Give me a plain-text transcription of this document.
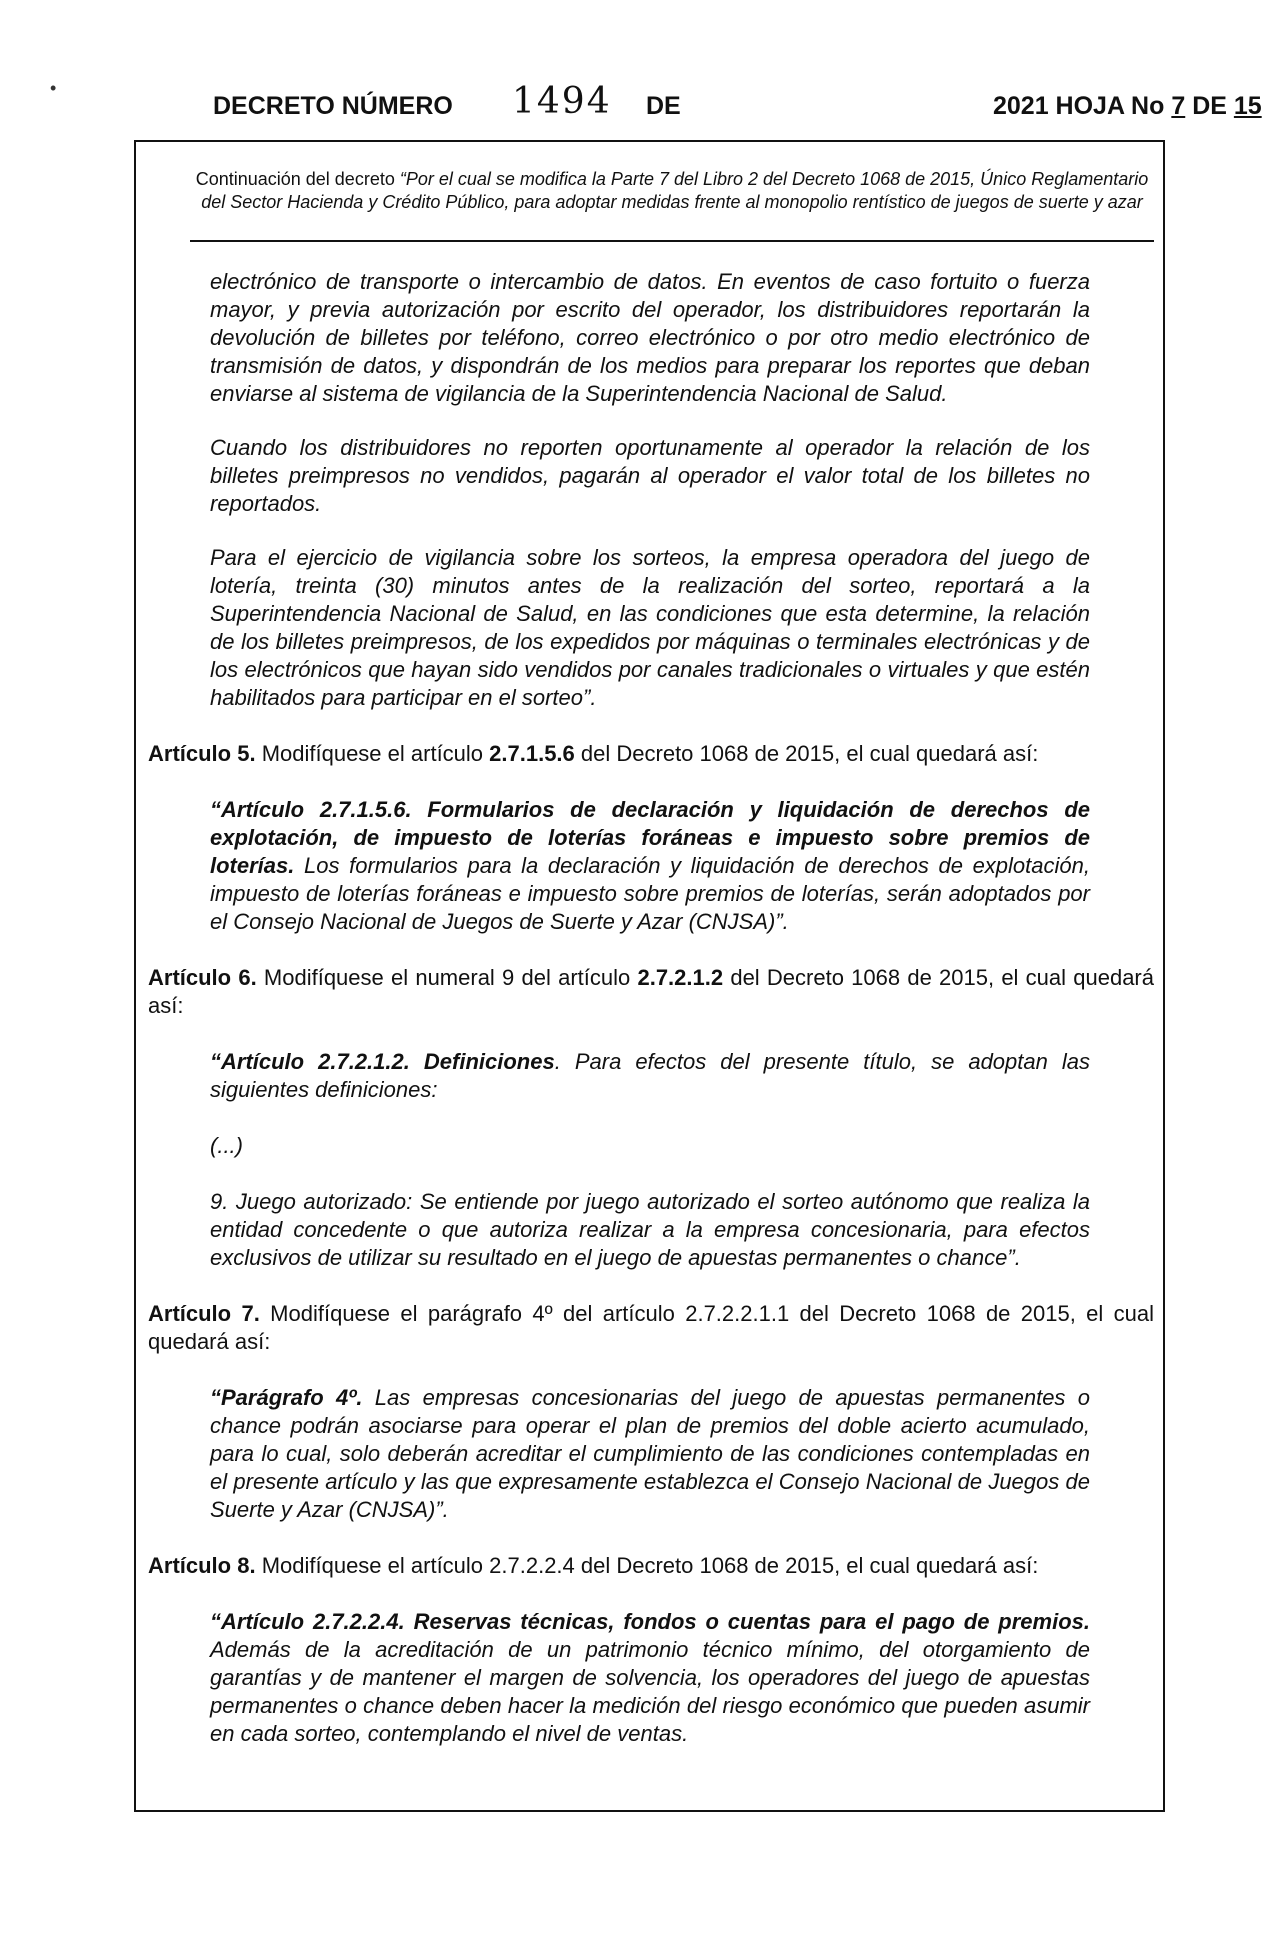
•
DECRETO NÚMERO 1494 DE	2021 HOJA No 7 DE 15
Continuación del decreto “Por el cual se modifica la Parte 7 del Libro 2 del Decreto 1068 de 2015, Único Reglamentario del Sector Hacienda y Crédito Público, para adoptar medidas frente al monopolio rentístico de juegos de suerte y azar

electrónico de transporte o intercambio de datos. En eventos de caso fortuito o fuerza mayor, y previa autorización por escrito del operador, los distribuidores reportarán la devolución de billetes por teléfono, correo electrónico o por otro medio electrónico de transmisión de datos, y dispondrán de los medios para preparar los reportes que deban enviarse al sistema de vigilancia de la Superintendencia Nacional de Salud.

Cuando los distribuidores no reporten oportunamente al operador la relación de los billetes preimpresos no vendidos, pagarán al operador el valor total de los billetes no reportados.

Para el ejercicio de vigilancia sobre los sorteos, la empresa operadora del juego de lotería, treinta (30) minutos antes de la realización del sorteo, reportará a la Superintendencia Nacional de Salud, en las condiciones que esta determine, la relación de los billetes preimpresos, de los expedidos por máquinas o terminales electrónicas y de los electrónicos que hayan sido vendidos por canales tradicionales o virtuales y que estén habilitados para participar en el sorteo”.

Artículo 5. Modifíquese el artículo 2.7.1.5.6 del Decreto 1068 de 2015, el cual quedará así:

“Artículo 2.7.1.5.6. Formularios de declaración y liquidación de derechos de explotación, de impuesto de loterías foráneas e impuesto sobre premios de loterías. Los formularios para la declaración y liquidación de derechos de explotación, impuesto de loterías foráneas e impuesto sobre premios de loterías, serán adoptados por el Consejo Nacional de Juegos de Suerte y Azar (CNJSA)”.

Artículo 6. Modifíquese el numeral 9 del artículo 2.7.2.1.2 del Decreto 1068 de 2015, el cual quedará así:

“Artículo 2.7.2.1.2. Definiciones. Para efectos del presente título, se adoptan las siguientes definiciones:

(...)

9. Juego autorizado: Se entiende por juego autorizado el sorteo autónomo que realiza la entidad concedente o que autoriza realizar a la empresa concesionaria, para efectos exclusivos de utilizar su resultado en el juego de apuestas permanentes o chance”.

Artículo 7. Modifíquese el parágrafo 4º del artículo 2.7.2.2.1.1 del Decreto 1068 de 2015, el cual quedará así:

“Parágrafo 4º. Las empresas concesionarias del juego de apuestas permanentes o chance podrán asociarse para operar el plan de premios del doble acierto acumulado, para lo cual, solo deberán acreditar el cumplimiento de las condiciones contempladas en el presente artículo y las que expresamente establezca el Consejo Nacional de Juegos de Suerte y Azar (CNJSA)”.

Artículo 8. Modifíquese el artículo 2.7.2.2.4 del Decreto 1068 de 2015, el cual quedará así:

“Artículo 2.7.2.2.4. Reservas técnicas, fondos o cuentas para el pago de premios. Además de la acreditación de un patrimonio técnico mínimo, del otorgamiento de garantías y de mantener el margen de solvencia, los operadores del juego de apuestas permanentes o chance deben hacer la medición del riesgo económico que pueden asumir en cada sorteo, contemplando el nivel de ventas.
